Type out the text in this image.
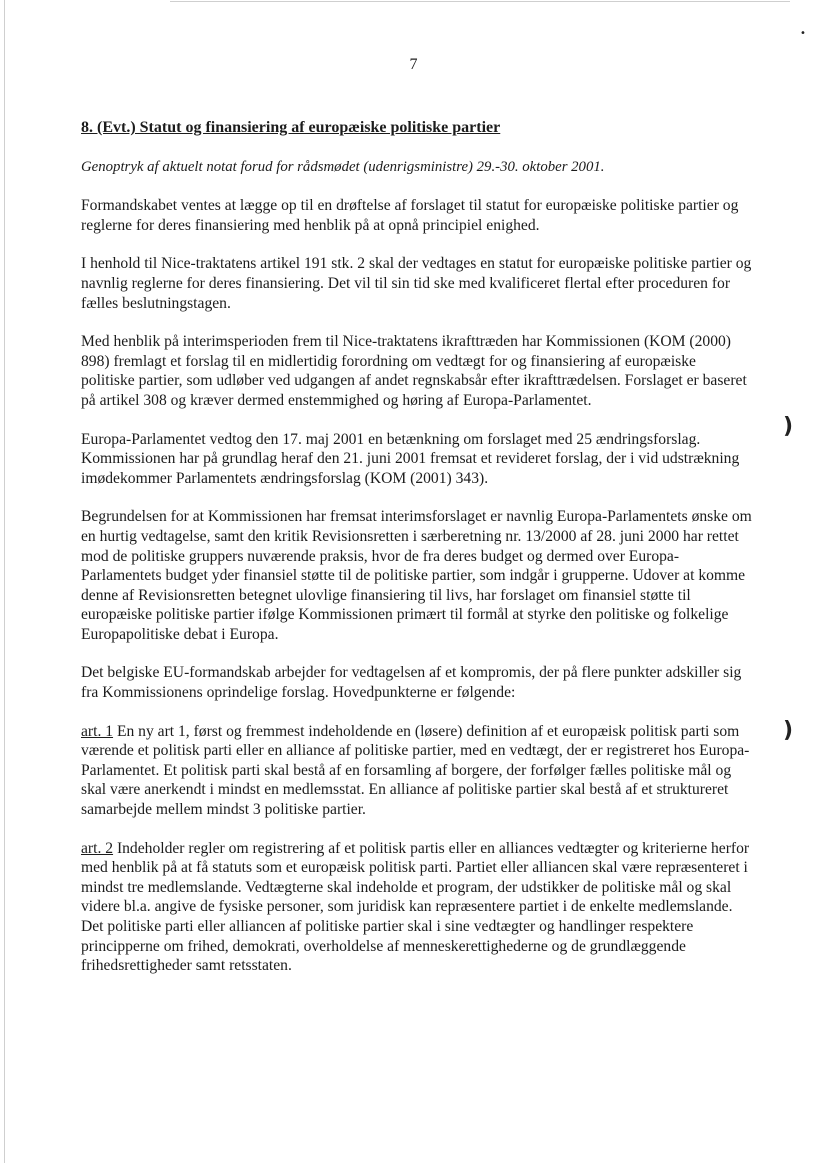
•
)
)
7
8. (Evt.) Statut og finansiering af europæiske politiske partier
Genoptryk af aktuelt notat forud for rådsmødet (udenrigsministre) 29.-30. oktober 2001.

Formandskabet ventes at lægge op til en drøftelse af forslaget til statut for europæiske politiske partier og reglerne for deres finansiering med henblik på at opnå principiel enighed.

I henhold til Nice-traktatens artikel 191 stk. 2 skal der vedtages en statut for europæiske politiske partier og navnlig reglerne for deres finansiering. Det vil til sin tid ske med kvalificeret flertal efter proceduren for fælles beslutningstagen.

Med henblik på interimsperioden frem til Nice-traktatens ikrafttræden har Kommissionen (KOM (2000) 898) fremlagt et forslag til en midlertidig forordning om vedtægt for og finansiering af europæiske politiske partier, som udløber ved udgangen af andet regnskabsår efter ikrafttrædelsen. Forslaget er baseret på artikel 308 og kræver dermed enstemmighed og høring af Europa-Parlamentet.

Europa-Parlamentet vedtog den 17. maj 2001 en betænkning om forslaget med 25 ændringsforslag. Kommissionen har på grundlag heraf den 21. juni 2001 fremsat et revideret forslag, der i vid udstrækning imødekommer Parlamentets ændringsforslag (KOM (2001) 343).

Begrundelsen for at Kommissionen har fremsat interimsforslaget er navnlig Europa-Parlamentets ønske om en hurtig vedtagelse, samt den kritik Revisionsretten i særberetning nr. 13/2000 af 28. juni 2000 har rettet mod de politiske gruppers nuværende praksis, hvor de fra deres budget og dermed over Europa-Parlamentets budget yder finansiel støtte til de politiske partier, som indgår i grupperne. Udover at komme denne af Revisionsretten betegnet ulovlige finansiering til livs, har forslaget om finansiel støtte til europæiske politiske partier ifølge Kommissionen primært til formål at styrke den politiske og folkelige Europapolitiske debat i Europa.

Det belgiske EU-formandskab arbejder for vedtagelsen af et kompromis, der på flere punkter adskiller sig fra Kommissionens oprindelige forslag. Hovedpunkterne er følgende:

art. 1 En ny art 1, først og fremmest indeholdende en (løsere) definition af et europæisk politisk parti som værende et politisk parti eller en alliance af politiske partier, med en vedtægt, der er registreret hos Europa-Parlamentet. Et politisk parti skal bestå af en forsamling af borgere, der forfølger fælles politiske mål og skal være anerkendt i mindst en medlemsstat. En alliance af politiske partier skal bestå af et struktureret samarbejde mellem mindst 3 politiske partier.

art. 2 Indeholder regler om registrering af et politisk partis eller en alliances vedtægter og kriterierne herfor med henblik på at få statuts som et europæisk politisk parti. Partiet eller alliancen skal være repræsenteret i mindst tre medlemslande. Vedtægterne skal indeholde et program, der udstikker de politiske mål og skal videre bl.a. angive de fysiske personer, som juridisk kan repræsentere partiet i de enkelte medlemslande. Det politiske parti eller alliancen af politiske partier skal i sine vedtægter og handlinger respektere principperne om frihed, demokrati, overholdelse af menneskerettighederne og de grundlæggende frihedsrettigheder samt retsstaten.
